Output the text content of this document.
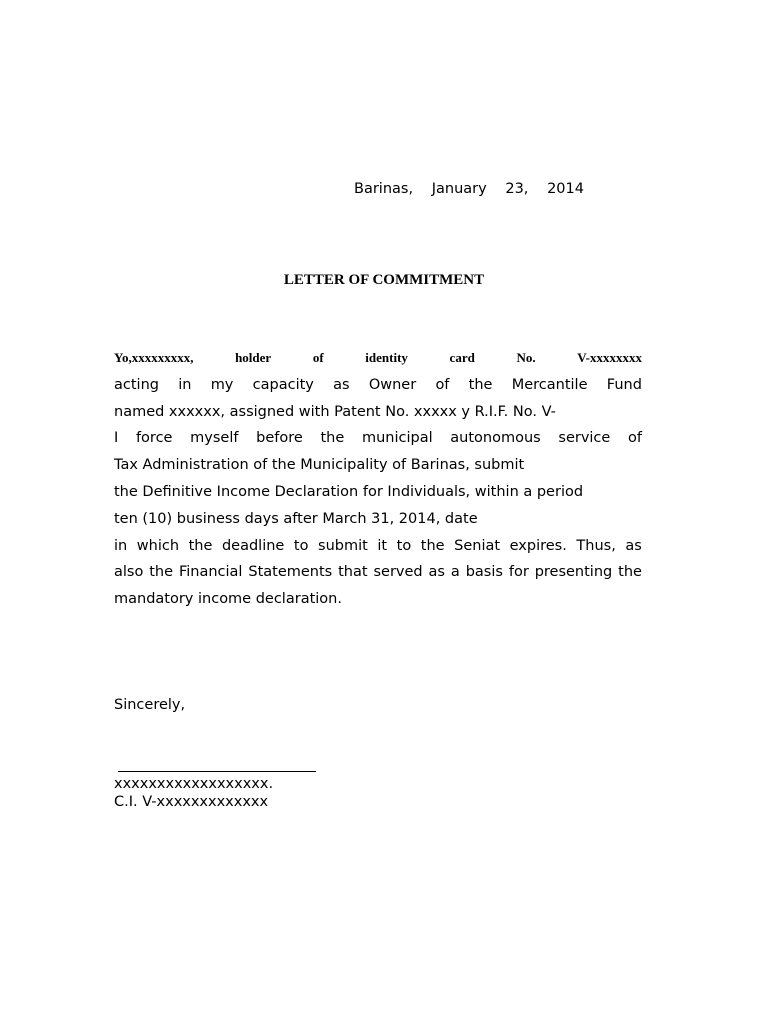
Barinas, January 23, 2014
LETTER OF COMMITMENT
Yo,xxxxxxxxx,	holder	of	identity	card	No.	V-xxxxxxxx
acting in my capacity as Owner of the Mercantile Fund
named xxxxxx, assigned with Patent No. xxxxx y R.I.F. No. V-
I force myself before the municipal autonomous service of
Tax Administration of the Municipality of Barinas, submit
the Definitive Income Declaration for Individuals, within a period
ten (10) business days after March 31, 2014, date
in which the deadline to submit it to the Seniat expires. Thus, as
also the Financial Statements that served as a basis for presenting the
mandatory income declaration.
Sincerely,
xxxxxxxxxxxxxxxxxx.
C.I. V-xxxxxxxxxxxxx
